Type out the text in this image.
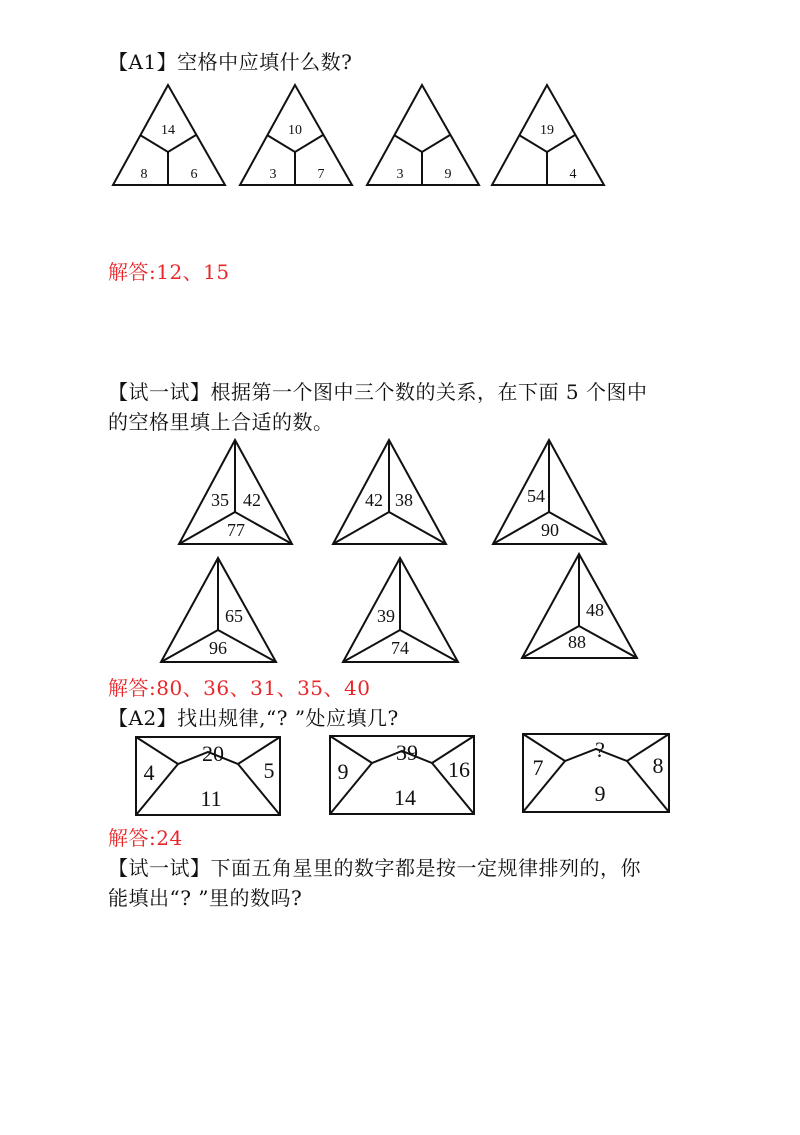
【A1】空格中应填什么数?
14
8	6
10
3	7	3	9
19
4
解答:12、15
【试一试】根据第一个图中三个数的关系，在下面 5 个图中
的空格里填上合适的数。
35 42
77
42 38	54
90
65
96
39
74
48
88
解答:80、36、31、35、40
【A2】找出规律,“? ”处应填几?
20
4	5
11
39
9	16
14
?
7	8
9
解答:24
【试一试】下面五角星里的数字都是按一定规律排列的，你
能填出“? ”里的数吗?
